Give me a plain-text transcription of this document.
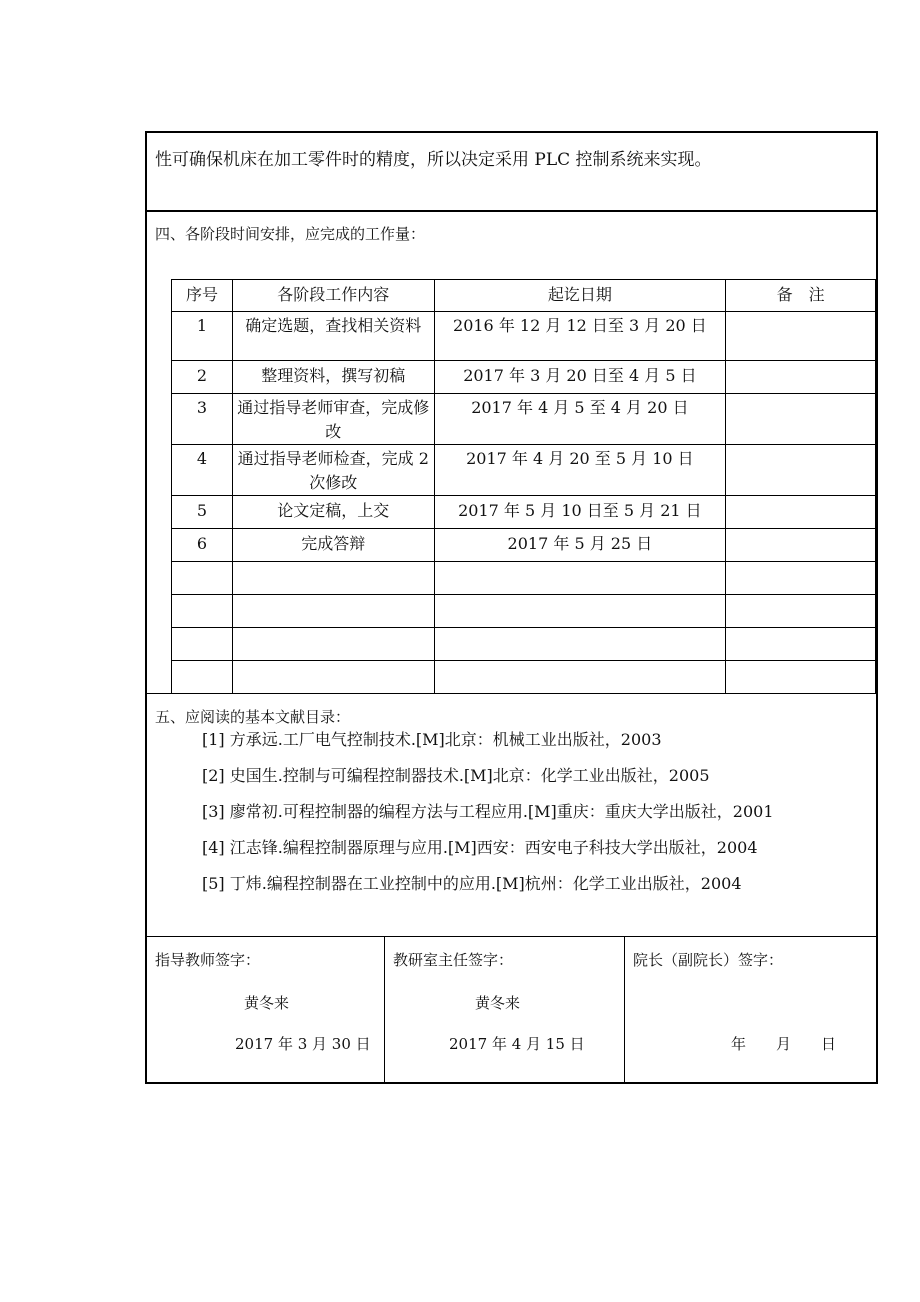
性可确保机床在加工零件时的精度，所以决定采用 PLC 控制系统来实现。
四、各阶段时间安排，应完成的工作量：
序号	各阶段工作内容	起讫日期	备　注
1	确定选题，查找相关资料	2016 年 12 月 12 日至 3 月 20 日	
2	整理资料，撰写初稿	2017 年 3 月 20 日至 4 月 5 日	
3	通过指导老师审查，完成修改	2017 年 4 月 5 至 4 月 20 日	
4	通过指导老师检查，完成 2 次修改	2017 年 4 月 20 至 5 月 10 日	
5	论文定稿，上交	2017 年 5 月 10 日至 5 月 21 日	
6	完成答辩	2017 年 5 月 25 日	

五、应阅读的基本文献目录：
[1] 方承远.工厂电气控制技术.[M]北京：机械工业出版社，2003
[2] 史国生.控制与可编程控制器技术.[M]北京：化学工业出版社，2005
[3] 廖常初.可程控制器的编程方法与工程应用.[M]重庆：重庆大学出版社，2001
[4] 江志锋.编程控制器原理与应用.[M]西安：西安电子科技大学出版社，2004
[5] 丁炜.编程控制器在工业控制中的应用.[M]杭州：化学工业出版社，2004
指导教师签字：
黄冬来
2017 年 3 月 30 日
教研室主任签字：
黄冬来
2017 年 4 月 15 日
院长（副院长）签字：
年　　月　　日
